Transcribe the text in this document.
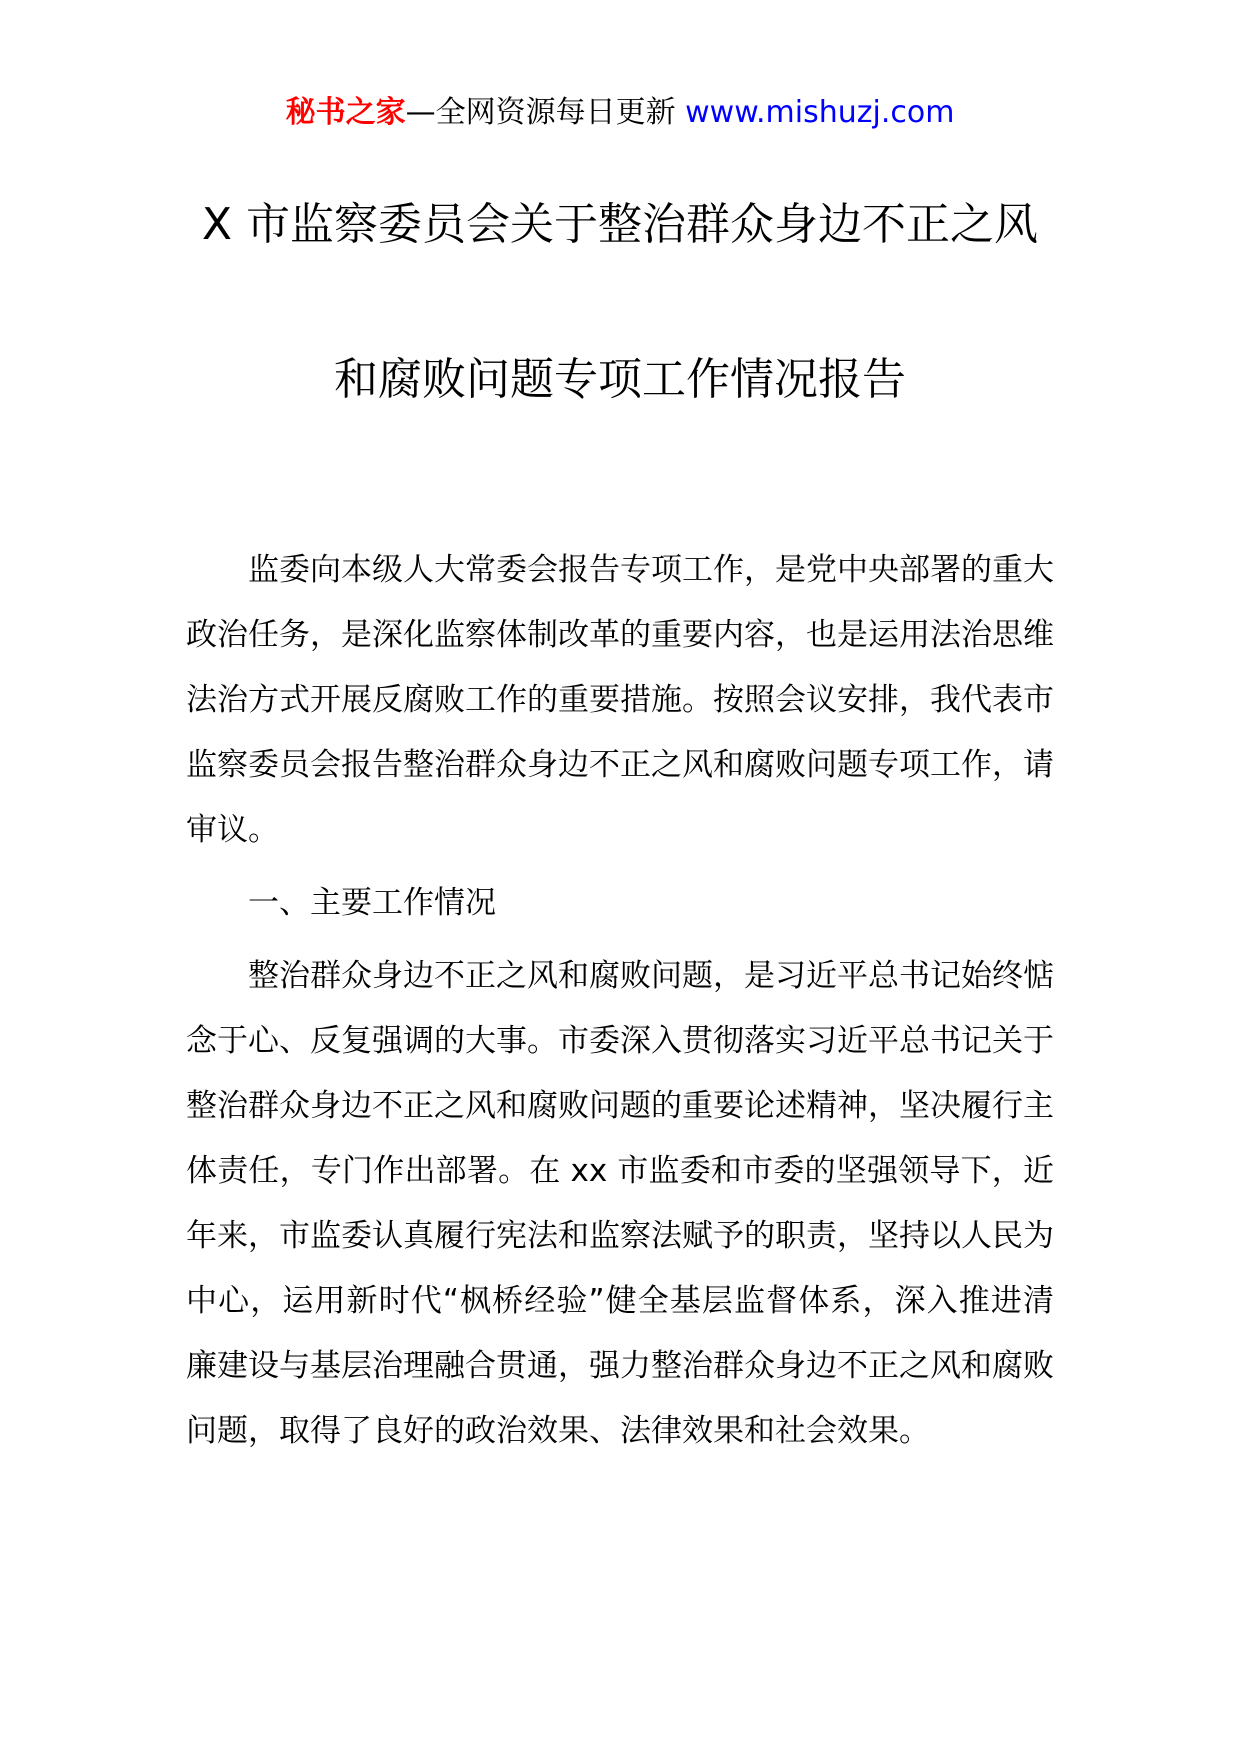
秘书之家—全网资源每日更新 www.mishuzj.com
X 市监察委员会关于整治群众身边不正之风
和腐败问题专项工作情况报告

监委向本级人大常委会报告专项工作，是党中央部署的重大政治任务，是深化监察体制改革的重要内容，也是运用法治思维法治方式开展反腐败工作的重要措施。按照会议安排，我代表市监察委员会报告整治群众身边不正之风和腐败问题专项工作，请审议。

一、主要工作情况

整治群众身边不正之风和腐败问题，是习近平总书记始终惦念于心、反复强调的大事。市委深入贯彻落实习近平总书记关于整治群众身边不正之风和腐败问题的重要论述精神，坚决履行主体责任，专门作出部署。在 xx 市监委和市委的坚强领导下，近年来，市监委认真履行宪法和监察法赋予的职责，坚持以人民为中心，运用新时代“枫桥经验”健全基层监督体系，深入推进清廉建设与基层治理融合贯通，强力整治群众身边不正之风和腐败问题，取得了良好的政治效果、法律效果和社会效果。
